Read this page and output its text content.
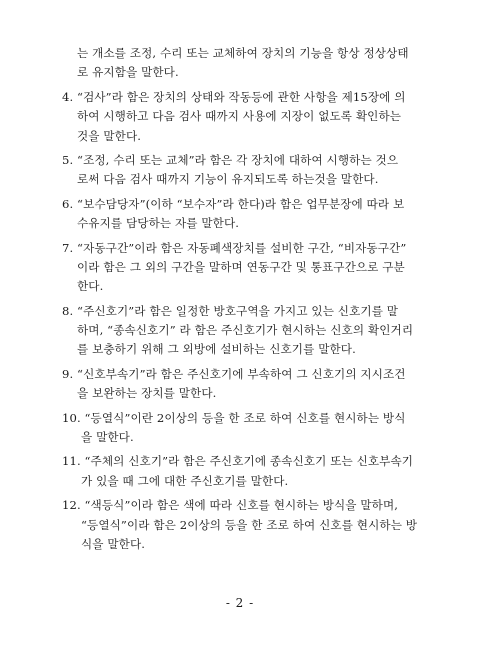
는 개소를 조정, 수리 또는 교체하여 장치의 기능을 항상 정상상태
로 유지함을 말한다.
4. “검사”라 함은 장치의 상태와 작동등에 관한 사항을 제15장에 의
하여 시행하고 다음 검사 때까지 사용에 지장이 없도록 확인하는
것을 말한다.
5. “조정, 수리 또는 교체”라 함은 각 장치에 대하여 시행하는 것으
로써 다음 검사 때까지 기능이 유지되도록 하는것을 말한다.
6. “보수담당자”(이하 “보수자”라 한다)라 함은 업무분장에 따라 보
수유지를 담당하는 자를 말한다.
7. “자동구간”이라 함은 자동폐색장치를 설비한 구간, “비자동구간”
이라 함은 그 외의 구간을 말하며 연동구간 및 통표구간으로 구분
한다.
8. “주신호기”라 함은 일정한 방호구역을 가지고 있는 신호기를 말
하며, “종속신호기” 라 함은 주신호기가 현시하는 신호의 확인거리
를 보충하기 위해 그 외방에 설비하는 신호기를 말한다.
9. “신호부속기”라 함은 주신호기에 부속하여 그 신호기의 지시조건
을 보완하는 장치를 말한다.
10. “등열식”이란 2이상의 등을 한 조로 하여 신호를 현시하는 방식
을 말한다.
11. “주체의 신호기”라 함은 주신호기에 종속신호기 또는 신호부속기
가 있을 때 그에 대한 주신호기를 말한다.
12. “색등식”이라 함은 색에 따라 신호를 현시하는 방식을 말하며,
“등열식”이라 함은 2이상의 등을 한 조로 하여 신호를 현시하는 방
식을 말한다.
- 2 -
